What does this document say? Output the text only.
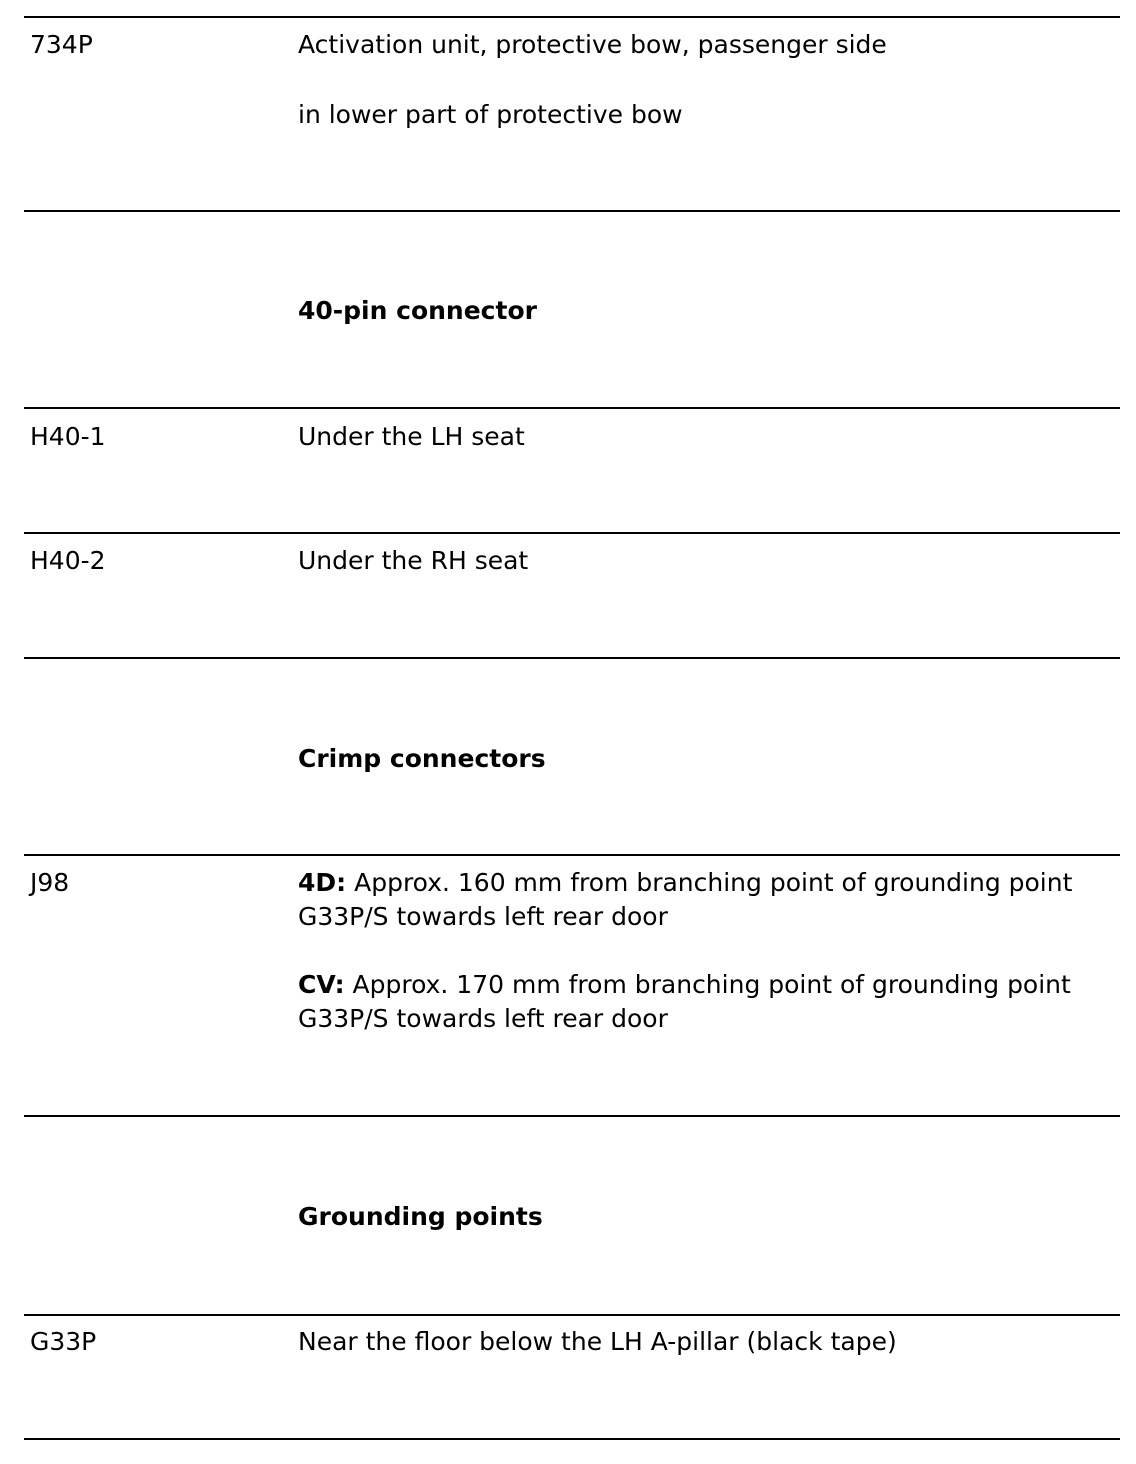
734P	Activation unit, protective bow, passenger side
in lower part of protective bow
40-pin connector
H40-1	Under the LH seat
H40-2	Under the RH seat
Crimp connectors
J98	4D: Approx. 160 mm from branching point of grounding point G33P/S towards left rear door

CV: Approx. 170 mm from branching point of grounding point G33P/S towards left rear door

Grounding points
G33P	Near the floor below the LH A-pillar (black tape)
